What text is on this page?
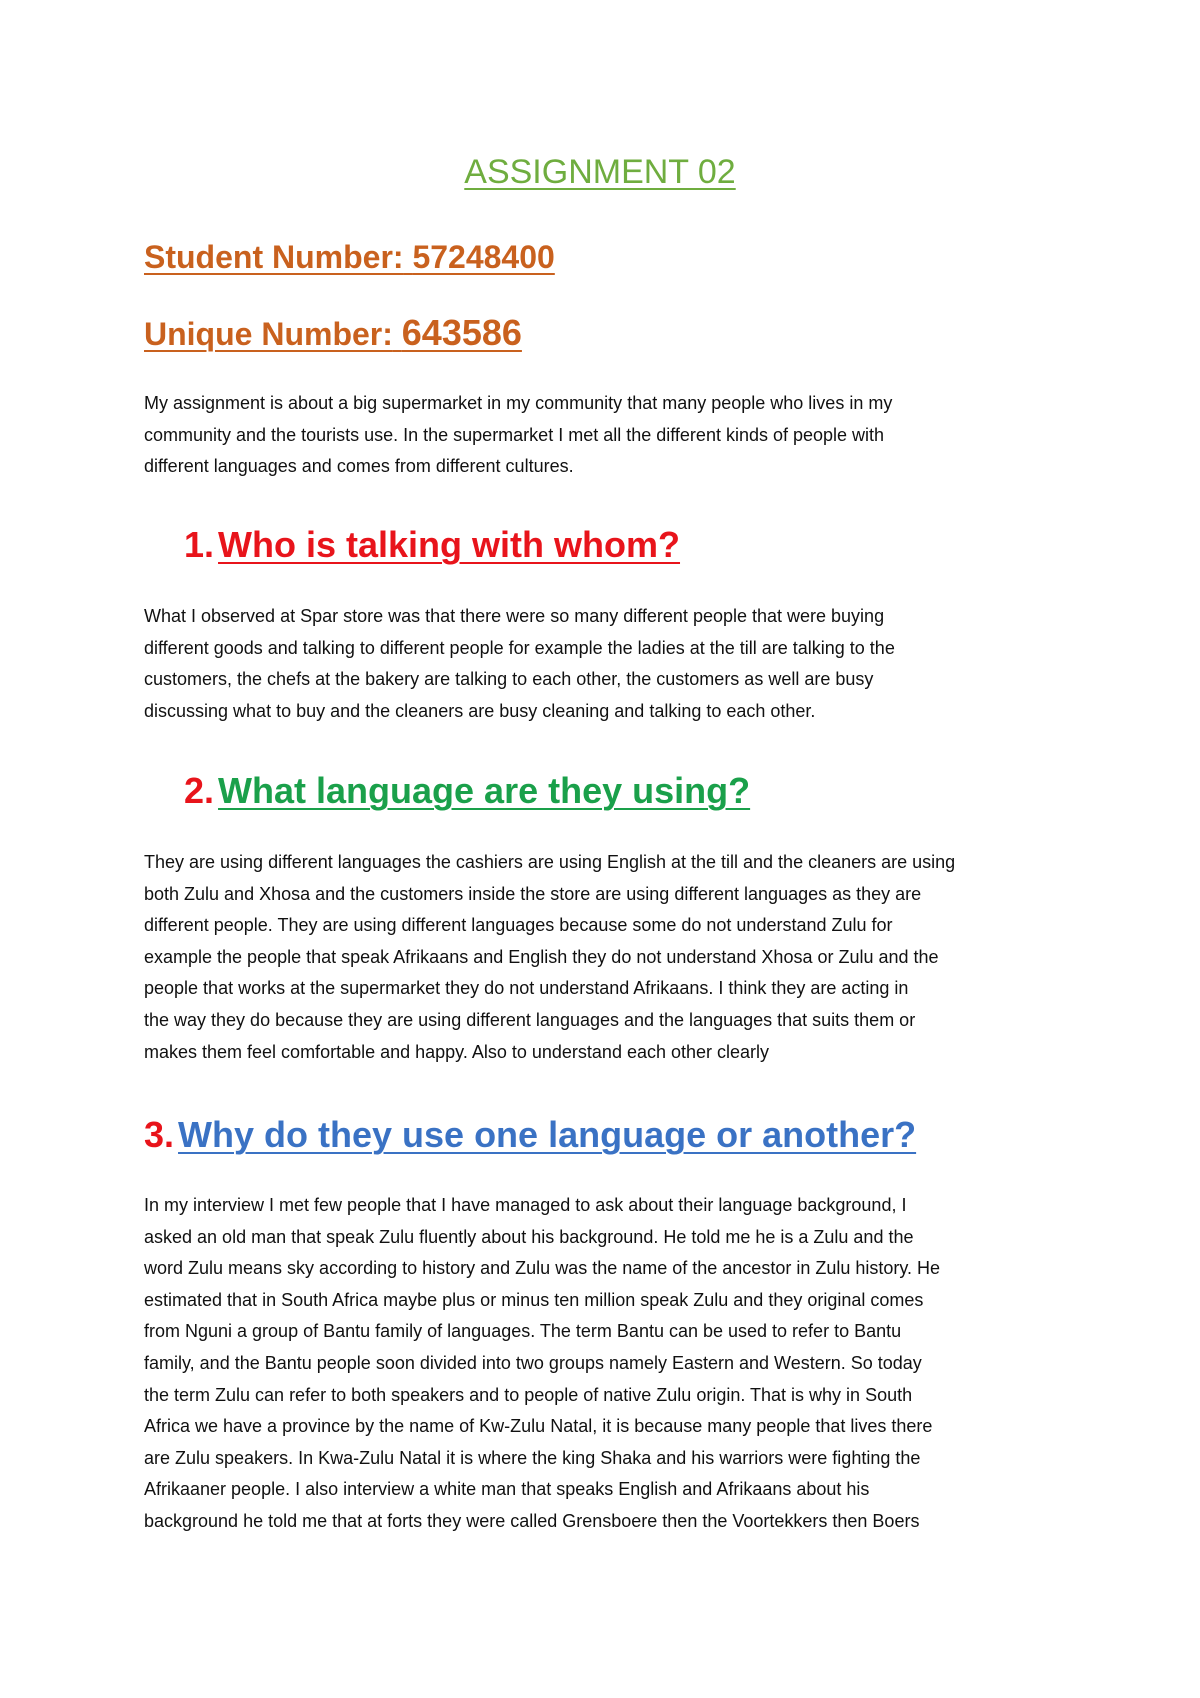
ASSIGNMENT 02
Student Number: 57248400
Unique Number: 643586
My assignment is about a big supermarket in my community that many people who lives in my
community and the tourists use. In the supermarket I met all the different kinds of people with
different languages and comes from different cultures.
1. Who is talking with whom?
What I observed at Spar store was that there were so many different people that were buying
different goods and talking to different people for example the ladies at the till are talking to the
customers, the chefs at the bakery are talking to each other, the customers as well are busy
discussing what to buy and the cleaners are busy cleaning and talking to each other.
2. What language are they using?
They are using different languages the cashiers are using English at the till and the cleaners are using
both Zulu and Xhosa and the customers inside the store are using different languages as they are
different people. They are using different languages because some do not understand Zulu for
example the people that speak Afrikaans and English they do not understand Xhosa or Zulu and the
people that works at the supermarket they do not understand Afrikaans. I think they are acting in
the way they do because they are using different languages and the languages that suits them or
makes them feel comfortable and happy. Also to understand each other clearly
3. Why do they use one language or another?
In my interview I met few people that I have managed to ask about their language background, I
asked an old man that speak Zulu fluently about his background. He told me he is a Zulu and the
word Zulu means sky according to history and Zulu was the name of the ancestor in Zulu history. He
estimated that in South Africa maybe plus or minus ten million speak Zulu and they original comes
from Nguni a group of Bantu family of languages. The term Bantu can be used to refer to Bantu
family, and the Bantu people soon divided into two groups namely Eastern and Western. So today
the term Zulu can refer to both speakers and to people of native Zulu origin. That is why in South
Africa we have a province by the name of Kw-Zulu Natal, it is because many people that lives there
are Zulu speakers. In Kwa-Zulu Natal it is where the king Shaka and his warriors were fighting the
Afrikaaner people. I also interview a white man that speaks English and Afrikaans about his
background he told me that at forts they were called Grensboere then the Voortekkers then Boers
